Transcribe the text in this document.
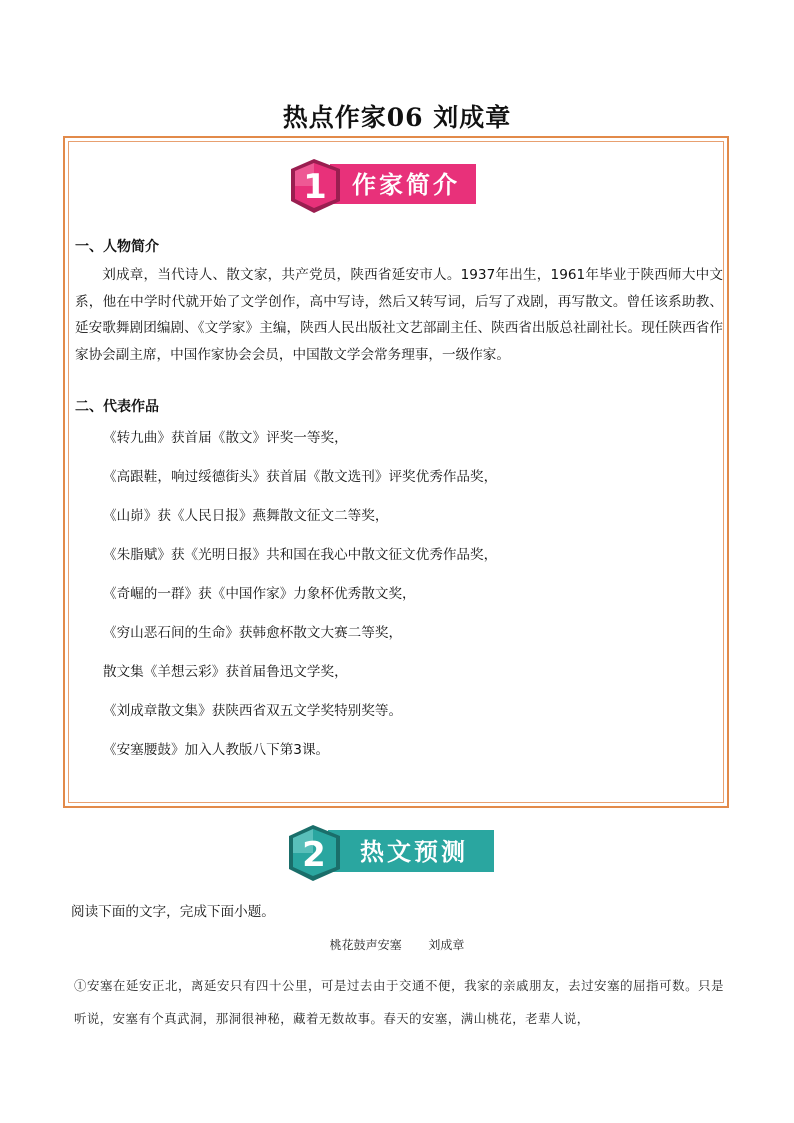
热点作家06 刘成章
1 作家简介
一、人物简介
刘成章，当代诗人、散文家，共产党员，陕西省延安市人。1937年出生，1961年毕业于陕西师大中文系，他在中学时代就开始了文学创作，高中写诗，然后又转写词，后写了戏剧，再写散文。曾任该系助教、延安歌舞剧团编剧、《文学家》主编，陕西人民出版社文艺部副主任、陕西省出版总社副社长。现任陕西省作家协会副主席，中国作家协会会员，中国散文学会常务理事，一级作家。
二、代表作品
《转九曲》获首届《散文》评奖一等奖，
《高跟鞋，响过绥德街头》获首届《散文选刊》评奖优秀作品奖，
《山峁》获《人民日报》燕舞散文征文二等奖，
《朱脂赋》获《光明日报》共和国在我心中散文征文优秀作品奖，
《奇崛的一群》获《中国作家》力象杯优秀散文奖，
《穷山恶石间的生命》获韩愈杯散文大赛二等奖，
散文集《羊想云彩》获首届鲁迅文学奖，
《刘成章散文集》获陕西省双五文学奖特别奖等。
《安塞腰鼓》加入人教版八下第3课。
2 热文预测
阅读下面的文字，完成下面小题。
桃花鼓声安塞       刘成章
①安塞在延安正北，离延安只有四十公里，可是过去由于交通不便，我家的亲戚朋友，去过安塞的屈指可数。只是听说，安塞有个真武洞，那洞很神秘，藏着无数故事。春天的安塞，满山桃花，老辈人说，
